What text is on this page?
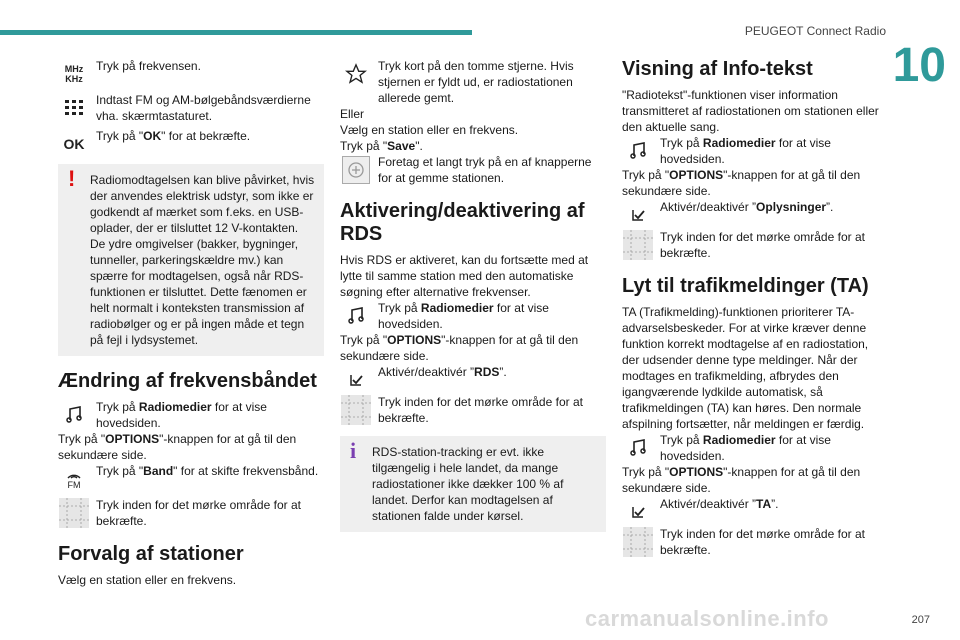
PEUGEOT Connect Radio
10
207
MHz
KHz

Tryk på frekvensen.

Indtast FM og AM-bølgebåndsværdierne vha. skærmtastaturet.

OK Tryk på "OK" for at bekræfte.

!	Radiomodtagelsen kan blive påvirket, hvis der anvendes elektrisk udstyr, som ikke er godkendt af mærket som f.eks. en USB-oplader, der er tilsluttet 12 V-kontakten. De ydre omgivelser (bakker, bygninger, tunneller, parkeringskældre mv.) kan spærre for modtagelsen, også når RDS-funktionen er tilsluttet. Dette fænomen er helt normalt i konteksten transmission af radiobølger og er på ingen måde et tegn på fejl i lydsystemet.

Ændring af frekvensbåndet

Tryk på Radiomedier for at vise hovedsiden.

Tryk på "OPTIONS"-knappen for at gå til den sekundære side.

FM

Tryk på "Band" for at skifte frekvensbånd.

Tryk inden for det mørke område for at bekræfte.

Forvalg af stationer

Vælg en station eller en frekvens.

Tryk kort på den tomme stjerne. Hvis stjernen er fyldt ud, er radiostationen allerede gemt.

Eller

Vælg en station eller en frekvens.

Tryk på "Save".

Foretag et langt tryk på en af knapperne for at gemme stationen.

Aktivering/deaktivering af RDS

Hvis RDS er aktiveret, kan du fortsætte med at lytte til samme station med den automatiske søgning efter alternative frekvenser.

Tryk på Radiomedier for at vise hovedsiden.

Tryk på "OPTIONS"-knappen for at gå til den sekundære side.

Aktivér/deaktivér ”RDS”.

Tryk inden for det mørke område for at bekræfte.

i	RDS-station-tracking er evt. ikke tilgængelig i hele landet, da mange radiostationer ikke dækker 100 % af landet. Derfor kan modtagelsen af stationen falde under kørsel.

Visning af Info-tekst

"Radiotekst"-funktionen viser information transmitteret af radiostationen om stationen eller den aktuelle sang.

Tryk på Radiomedier for at vise hovedsiden.

Tryk på "OPTIONS"-knappen for at gå til den sekundære side.

Aktivér/deaktivér ”Oplysninger”.

Tryk inden for det mørke område for at bekræfte.

Lyt til trafikmeldinger (TA)

TA (Trafikmelding)-funktionen prioriterer TA-advarselsbeskeder. For at virke kræver denne funktion korrekt modtagelse af en radiostation, der udsender denne type meldinger. Når der modtages en trafikmelding, afbrydes den igangværende lydkilde automatisk, så trafikmeldingen (TA) kan høres. Den normale afspilning fortsætter, når meldingen er færdig.

Tryk på Radiomedier for at vise hovedsiden.

Tryk på "OPTIONS"-knappen for at gå til den sekundære side.

Aktivér/deaktivér ”TA”.

Tryk inden for det mørke område for at bekræfte.

carmanualsonline.info
